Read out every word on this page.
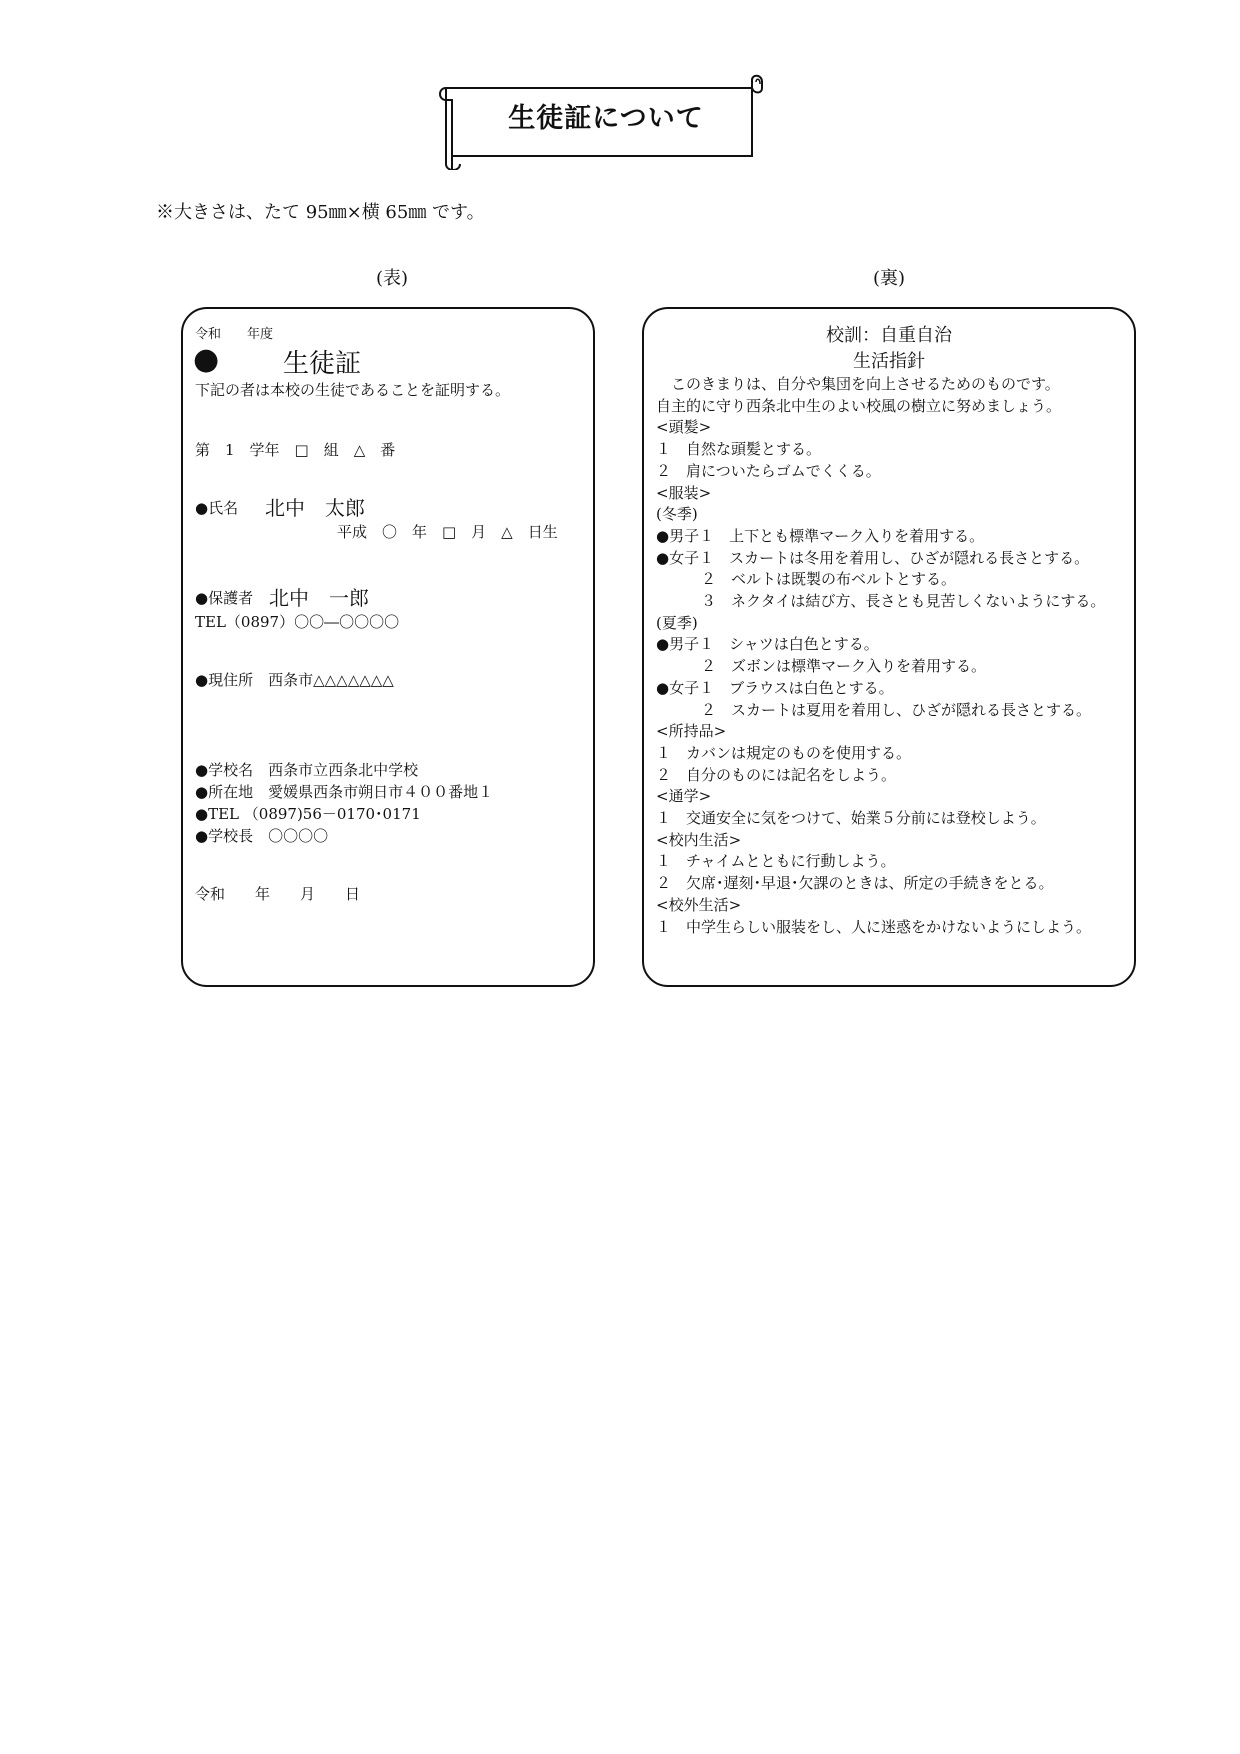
生徒証について
※大きさは、たて 95㎜×横 65㎜ です。
(表)	(裏)
令和　　年度
● 生徒証
下記の者は本校の生徒であることを証明する。
第　1　学年　□　組　△　番
●氏名 北中　太郎
平成　〇　年　□　月　△　日生
●保護者 北中　一郎
TEL（0897）〇〇―〇〇〇〇
●現住所　西条市△△△△△△△
●学校名　西条市立西条北中学校
●所在地　愛媛県西条市朔日市４００番地１
●TEL （0897)56－0170･0171
●学校長　〇〇〇〇
令和　　年　　月　　日
校訓：自重自治
生活指針
　このきまりは、自分や集団を向上させるためのものです。
自主的に守り西条北中生のよい校風の樹立に努めましょう。
<頭髪>
１　自然な頭髪とする。
２　肩についたらゴムでくくる。
<服装>
(冬季)
●男子１　上下とも標準マーク入りを着用する。
●女子１　スカートは冬用を着用し、ひざが隠れる長さとする。
　　　２　ベルトは既製の布ベルトとする。
　　　３　ネクタイは結び方、長さとも見苦しくないようにする。
(夏季)
●男子１　シャツは白色とする。
　　　２　ズボンは標準マーク入りを着用する。
●女子１　ブラウスは白色とする。
　　　２　スカートは夏用を着用し、ひざが隠れる長さとする。
<所持品>
１　カバンは規定のものを使用する。
２　自分のものには記名をしよう。
<通学>
１　交通安全に気をつけて、始業５分前には登校しよう。
<校内生活>
１　チャイムとともに行動しよう。
２　欠席･遅刻･早退･欠課のときは、所定の手続きをとる。
<校外生活>
１　中学生らしい服装をし、人に迷惑をかけないようにしよう。
